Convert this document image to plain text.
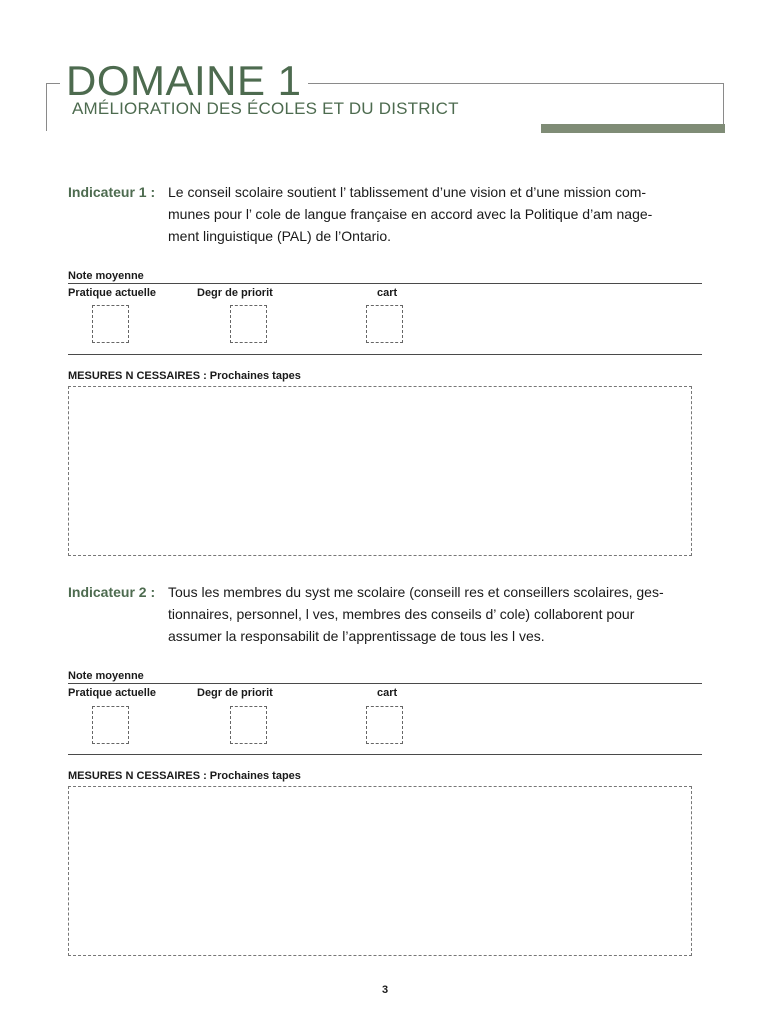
DOMAINE 1
AMÉLIORATION DES ÉCOLES ET DU DISTRICT
Indicateur 1 : Le conseil scolaire soutient l’ tablissement d’une vision et d’une mission com-
munes pour l’ cole de langue française en accord avec la Politique d’am nage-
ment linguistique (PAL) de l’Ontario.
Note moyenne
Pratique actuelle	Degr de priorit	cart
MESURES N CESSAIRES : Prochaines tapes
Indicateur 2 : Tous les membres du syst me scolaire (conseill res et conseillers scolaires, ges-
tionnaires, personnel, l ves, membres des conseils d’ cole) collaborent pour
assumer la responsabilit de l’apprentissage de tous les l ves.
Note moyenne
Pratique actuelle	Degr de priorit	cart
MESURES N CESSAIRES : Prochaines tapes
3
